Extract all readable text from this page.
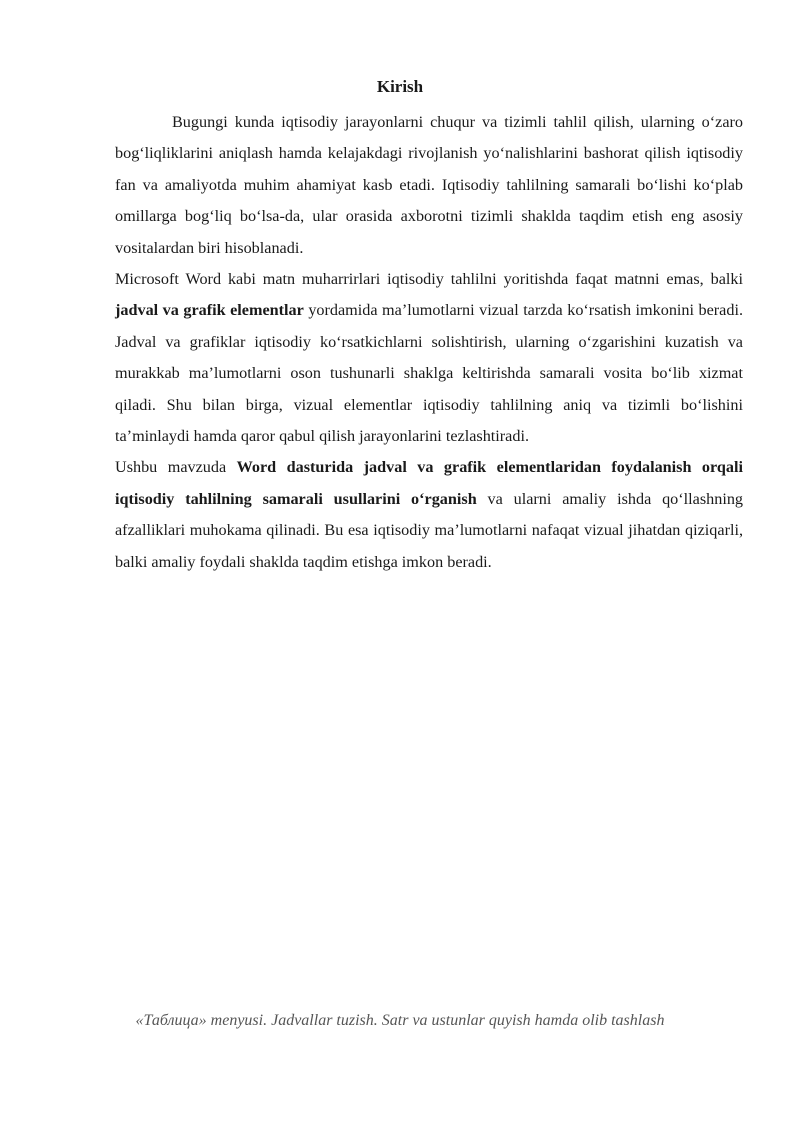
Kirish

Bugungi kunda iqtisodiy jarayonlarni chuqur va tizimli tahlil qilish, ularning o‘zaro bog‘liqliklarini aniqlash hamda kelajakdagi rivojlanish yo‘nalishlarini bashorat qilish iqtisodiy fan va amaliyotda muhim ahamiyat kasb etadi. Iqtisodiy tahlilning samarali bo‘lishi ko‘plab omillarga bog‘liq bo‘lsa-da, ular orasida axborotni tizimli shaklda taqdim etish eng asosiy vositalardan biri hisoblanadi.

Microsoft Word kabi matn muharrirlari iqtisodiy tahlilni yoritishda faqat matnni emas, balki jadval va grafik elementlar yordamida ma’lumotlarni vizual tarzda ko‘rsatish imkonini beradi. Jadval va grafiklar iqtisodiy ko‘rsatkichlarni solishtirish, ularning o‘zgarishini kuzatish va murakkab ma’lumotlarni oson tushunarli shaklga keltirishda samarali vosita bo‘lib xizmat qiladi. Shu bilan birga, vizual elementlar iqtisodiy tahlilning aniq va tizimli bo‘lishini ta’minlaydi hamda qaror qabul qilish jarayonlarini tezlashtiradi.

Ushbu mavzuda Word dasturida jadval va grafik elementlaridan foydalanish orqali iqtisodiy tahlilning samarali usullarini o‘rganish va ularni amaliy ishda qo‘llashning afzalliklari muhokama qilinadi. Bu esa iqtisodiy ma’lumotlarni nafaqat vizual jihatdan qiziqarli, balki amaliy foydali shaklda taqdim etishga imkon beradi.

«Таблица» menyusi. Jadvallar tuzish. Satr va ustunlar quyish hamda olib tashlash
